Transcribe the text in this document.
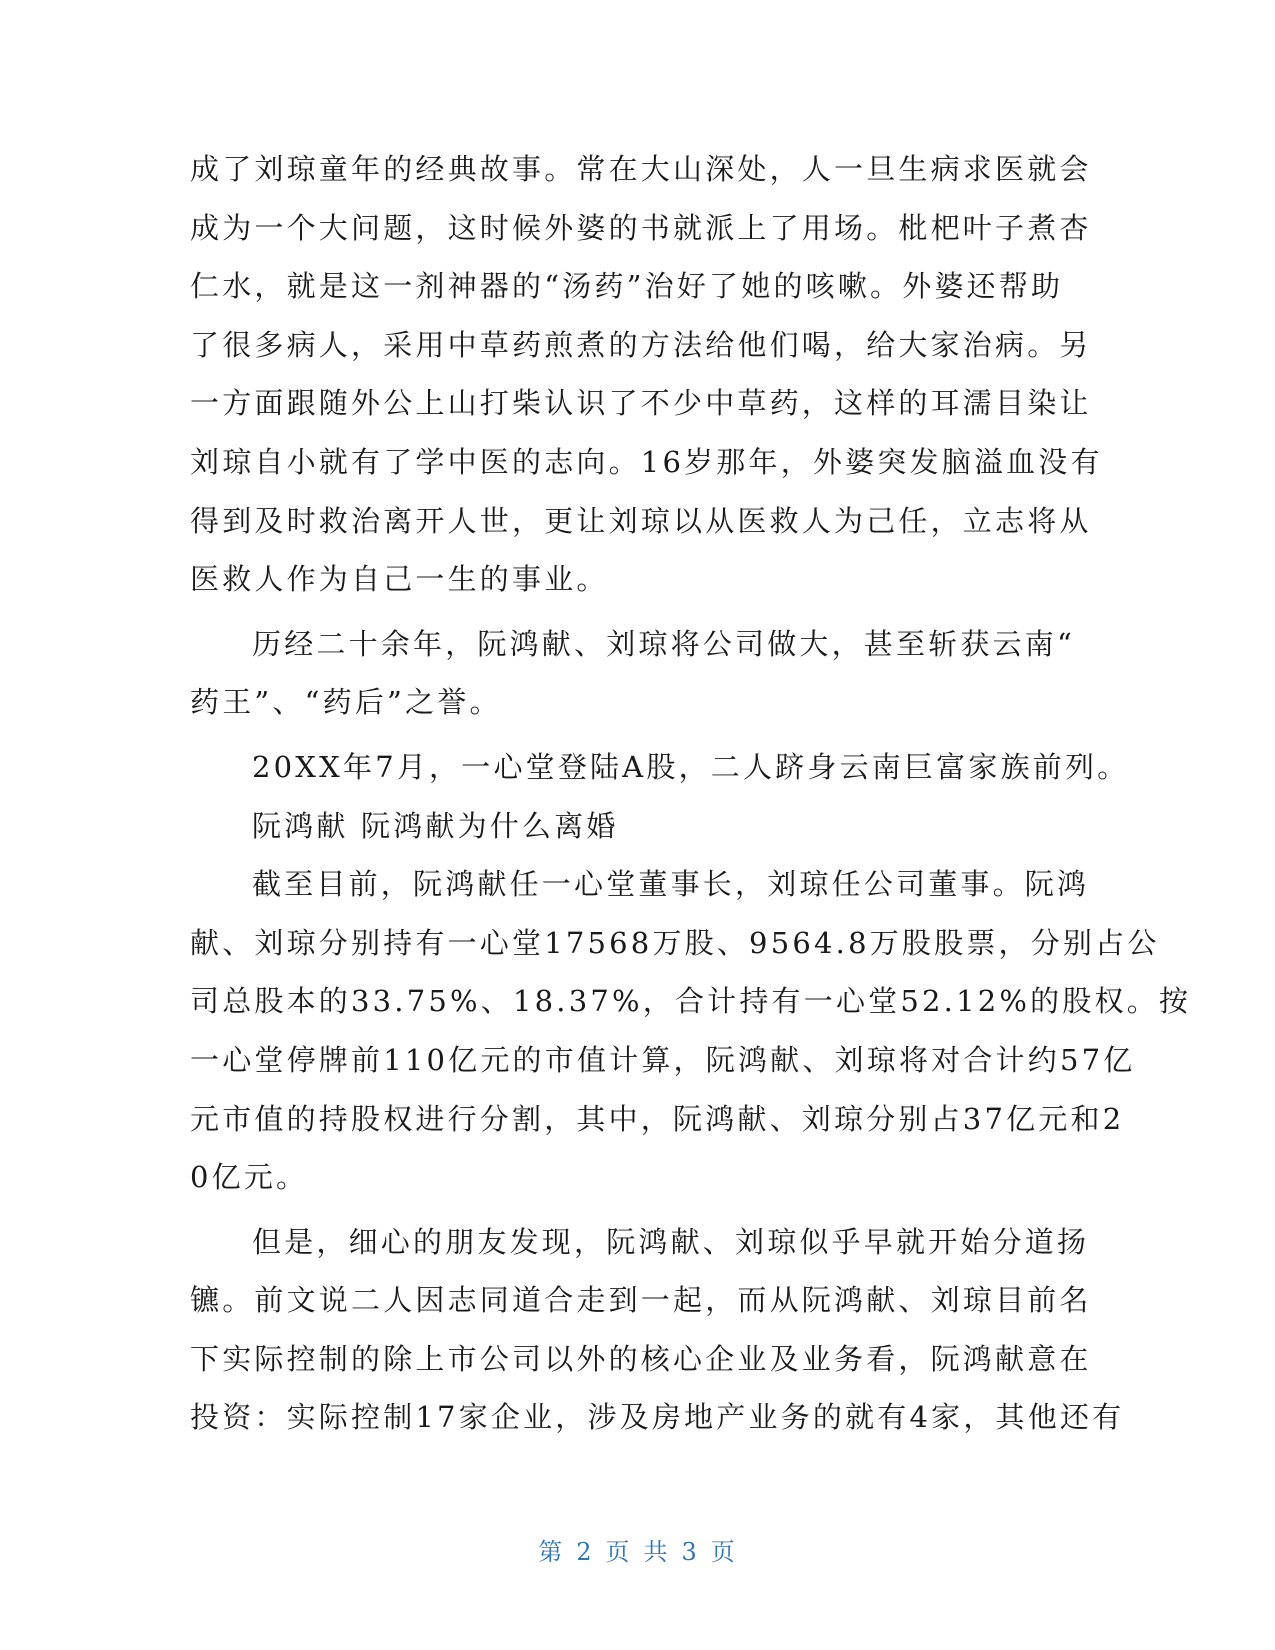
成了刘琼童年的经典故事。常在大山深处，人一旦生病求医就会
成为一个大问题，这时候外婆的书就派上了用场。枇杷叶子煮杏
仁水，就是这一剂神器的“汤药”治好了她的咳嗽。外婆还帮助
了很多病人，采用中草药煎煮的方法给他们喝，给大家治病。另
一方面跟随外公上山打柴认识了不少中草药，这样的耳濡目染让
刘琼自小就有了学中医的志向。16岁那年，外婆突发脑溢血没有
得到及时救治离开人世，更让刘琼以从医救人为己任，立志将从
医救人作为自己一生的事业。
历经二十余年，阮鸿献、刘琼将公司做大，甚至斩获云南“
药王”、“药后”之誉。
20XX年7月，一心堂登陆A股，二人跻身云南巨富家族前列。
阮鸿献 阮鸿献为什么离婚
截至目前，阮鸿献任一心堂董事长，刘琼任公司董事。阮鸿
献、刘琼分别持有一心堂17568万股、9564.8万股股票，分别占公
司总股本的33.75%、18.37%，合计持有一心堂52.12%的股权。按
一心堂停牌前110亿元的市值计算，阮鸿献、刘琼将对合计约57亿
元市值的持股权进行分割，其中，阮鸿献、刘琼分别占37亿元和2
0亿元。
但是，细心的朋友发现，阮鸿献、刘琼似乎早就开始分道扬
镳。前文说二人因志同道合走到一起，而从阮鸿献、刘琼目前名
下实际控制的除上市公司以外的核心企业及业务看，阮鸿献意在
投资：实际控制17家企业，涉及房地产业务的就有4家，其他还有
第 2 页 共 3 页
